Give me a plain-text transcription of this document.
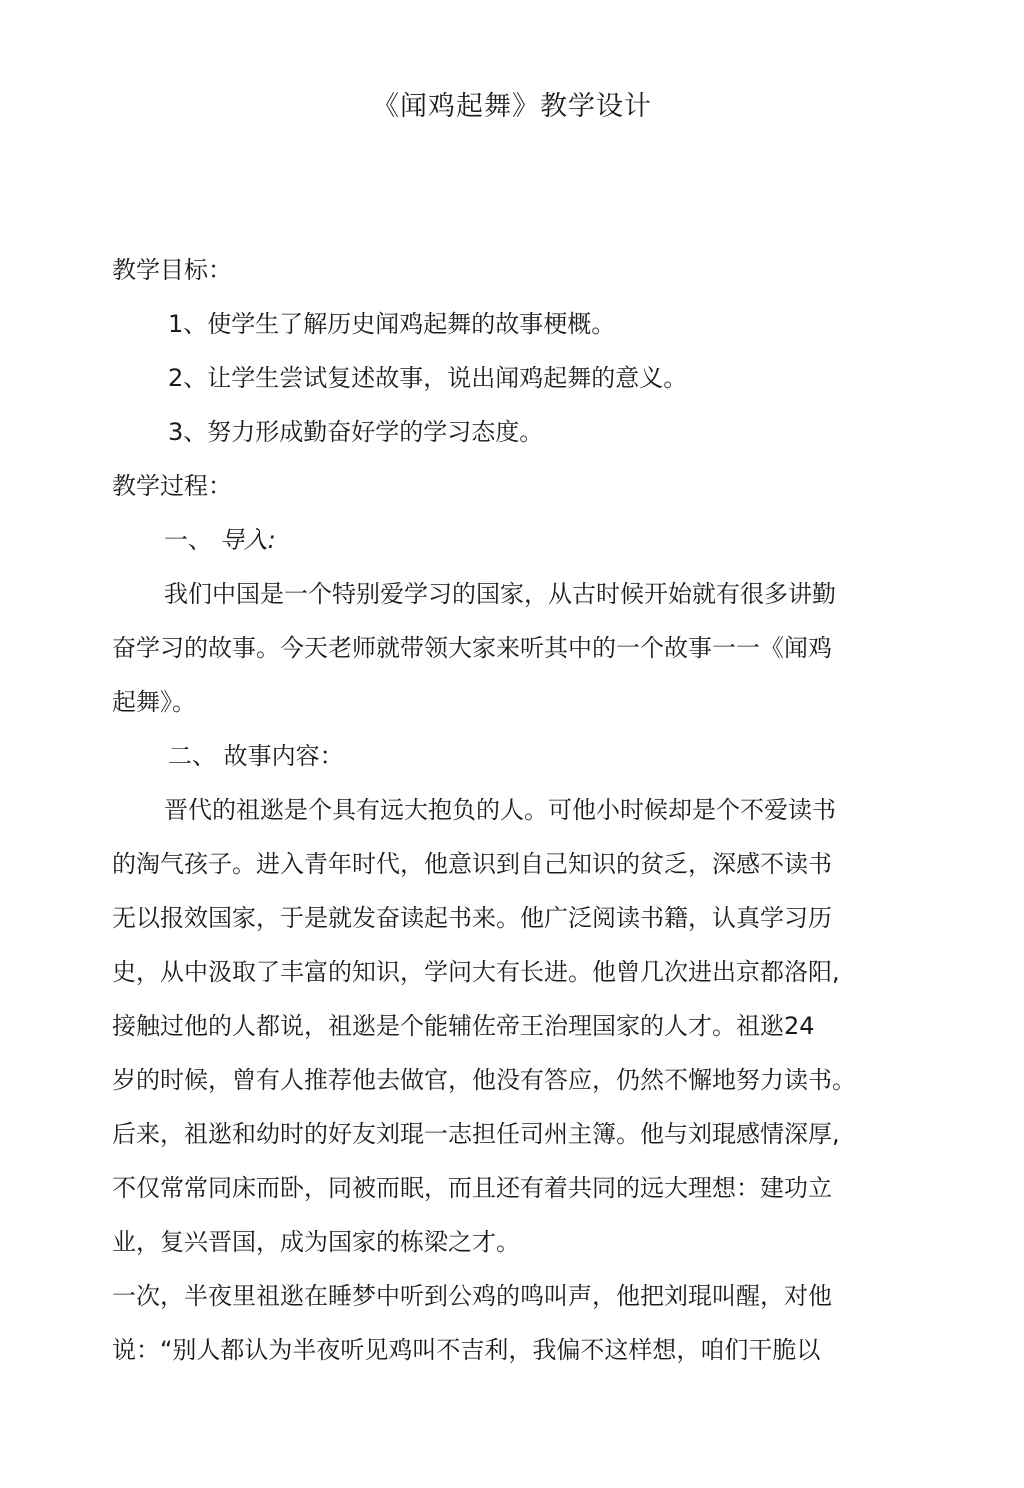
《闻鸡起舞》教学设计
教学目标：
1、使学生了解历史闻鸡起舞的故事梗概。
2、让学生尝试复述故事，说出闻鸡起舞的意义。
3、努力形成勤奋好学的学习态度。
教学过程：
一、 导入:
我们中国是一个特别爱学习的国家，从古时候开始就有很多讲勤
奋学习的故事。今天老师就带领大家来听其中的一个故事一一《闻鸡
起舞》。
二、 故事内容：
晋代的祖逖是个具有远大抱负的人。可他小时候却是个不爱读书
的淘气孩子。进入青年时代，他意识到自己知识的贫乏，深感不读书
无以报效国家，于是就发奋读起书来。他广泛阅读书籍，认真学习历
史，从中汲取了丰富的知识，学问大有长进。他曾几次进出京都洛阳,
接触过他的人都说，祖逖是个能辅佐帝王治理国家的人才。祖逖24
岁的时候，曾有人推荐他去做官，他没有答应，仍然不懈地努力读书。
后来，祖逖和幼时的好友刘琨一志担任司州主簿。他与刘琨感情深厚,
不仅常常同床而卧，同被而眠，而且还有着共同的远大理想：建功立
业，复兴晋国，成为国家的栋梁之才。
一次，半夜里祖逖在睡梦中听到公鸡的鸣叫声，他把刘琨叫醒，对他
说：“别人都认为半夜听见鸡叫不吉利，我偏不这样想，咱们干脆以
